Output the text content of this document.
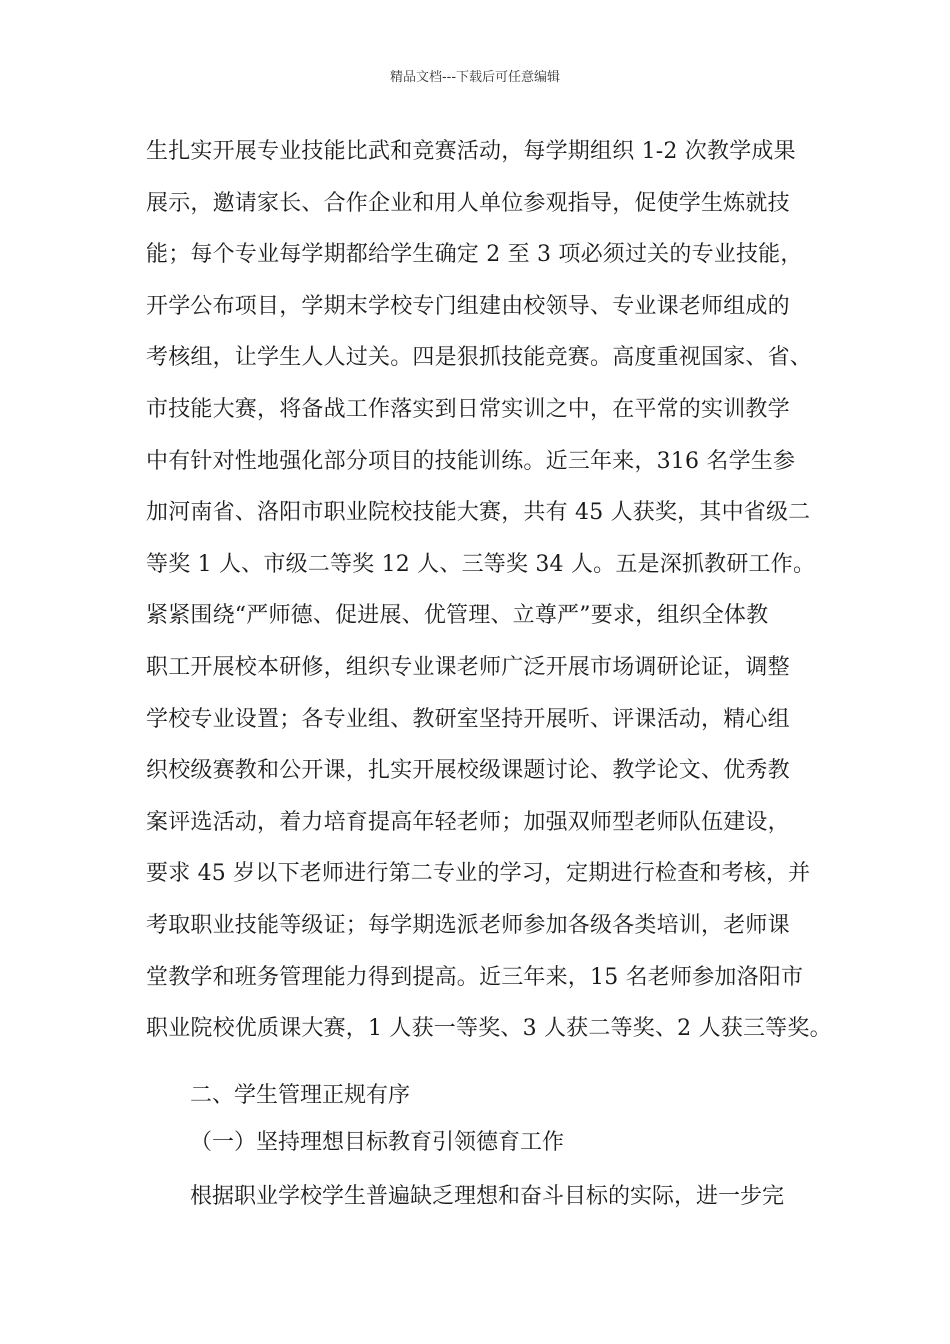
精品文档---下载后可任意编辑
生扎实开展专业技能比武和竞赛活动，每学期组织 1-2 次教学成果
展示，邀请家长、合作企业和用人单位参观指导，促使学生炼就技
能；每个专业每学期都给学生确定 2 至 3 项必须过关的专业技能，
开学公布项目，学期末学校专门组建由校领导、专业课老师组成的
考核组，让学生人人过关。四是狠抓技能竞赛。高度重视国家、省、
市技能大赛，将备战工作落实到日常实训之中，在平常的实训教学
中有针对性地强化部分项目的技能训练。近三年来，316 名学生参
加河南省、洛阳市职业院校技能大赛，共有 45 人获奖，其中省级二
等奖 1 人、市级二等奖 12 人、三等奖 34 人。五是深抓教研工作。
紧紧围绕“严师德、促进展、优管理、立尊严”要求，组织全体教
职工开展校本研修，组织专业课老师广泛开展市场调研论证，调整
学校专业设置；各专业组、教研室坚持开展听、评课活动，精心组
织校级赛教和公开课，扎实开展校级课题讨论、教学论文、优秀教
案评选活动，着力培育提高年轻老师；加强双师型老师队伍建设，
要求 45 岁以下老师进行第二专业的学习，定期进行检查和考核，并
考取职业技能等级证；每学期选派老师参加各级各类培训，老师课
堂教学和班务管理能力得到提高。近三年来，15 名老师参加洛阳市
职业院校优质课大赛，1 人获一等奖、3 人获二等奖、2 人获三等奖。
二、学生管理正规有序
（一）坚持理想目标教育引领德育工作
根据职业学校学生普遍缺乏理想和奋斗目标的实际，进一步完
